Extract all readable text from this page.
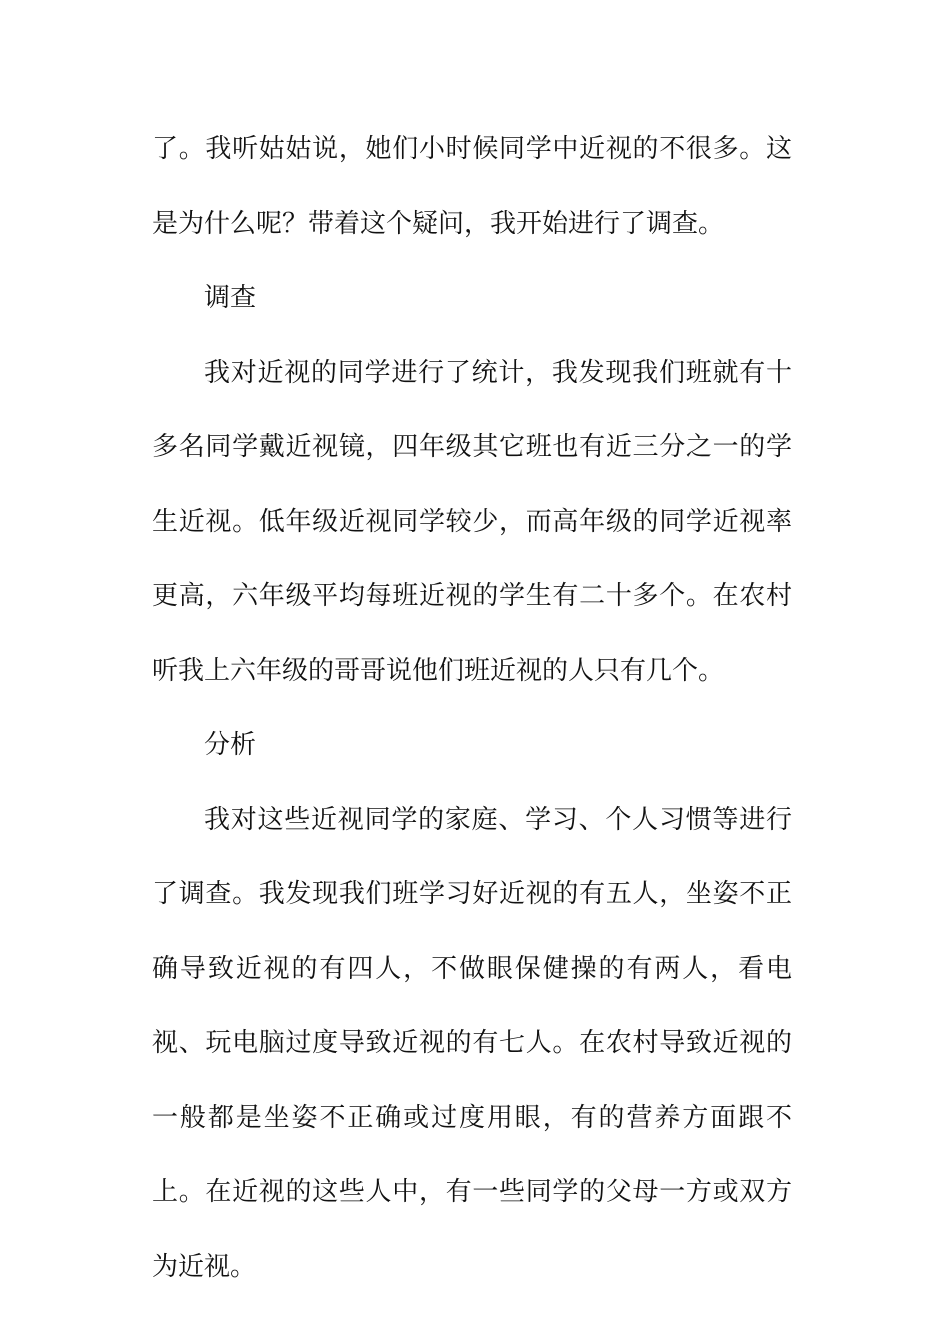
了。我听姑姑说，她们小时候同学中近视的不很多。这是为什么呢？带着这个疑问，我开始进行了调查。

调查

我对近视的同学进行了统计，我发现我们班就有十多名同学戴近视镜，四年级其它班也有近三分之一的学生近视。低年级近视同学较少，而高年级的同学近视率更高，六年级平均每班近视的学生有二十多个。在农村听我上六年级的哥哥说他们班近视的人只有几个。

分析

我对这些近视同学的家庭、学习、个人习惯等进行了调查。我发现我们班学习好近视的有五人，坐姿不正确导致近视的有四人，不做眼保健操的有两人，看电视、玩电脑过度导致近视的有七人。在农村导致近视的一般都是坐姿不正确或过度用眼，有的营养方面跟不上。在近视的这些人中，有一些同学的父母一方或双方为近视。
